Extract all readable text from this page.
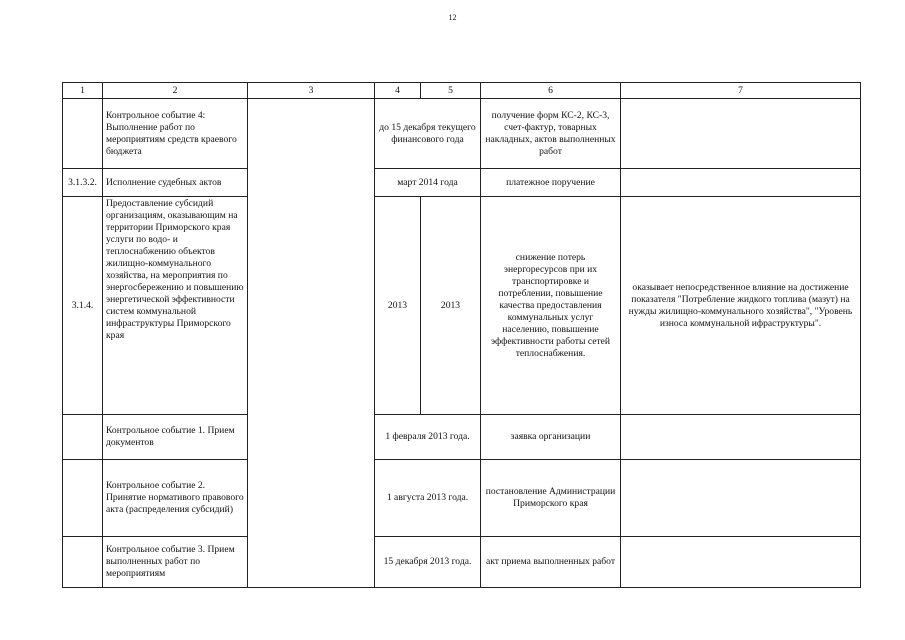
12
1	2	3	4	5	6	7
	Контрольное событие 4: Выполнение работ по мероприятиям средств краевого бюджета		до 15 декабря текущего финансового года		получение форм КС-2, КС-3, счет-фактур, товарных накладных, актов выполненных работ	
3.1.3.2.	Исполнение судебных актов		март 2014 года		платежное поручение	
3.1.4.	Предоставление субсидий организациям, оказывающим на территории Приморского края услуги по водо- и теплоснабжению объектов жилищно-коммунального хозяйства, на мероприятия по энергосбережению и повышению энергетической эффективности систем коммунальной инфраструктуры Приморского края		2013	2013	снижение потерь энергоресурсов при их транспортировке и потреблении, повышение качества предоставления коммунальных услуг населению, повышение эффективности работы сетей теплоснабжения.	оказывает непосредственное влияние на достижение показателя "Потребление жидкого топлива (мазут) на нужды жилищно-коммунального хозяйства", "Уровень износа коммунальной ифраструктуры".
	Контрольное событие 1. Прием документов		1 февраля 2013 года.		заявка организации	
	Контрольное событие 2. Принятие нормативого правового акта (распределения субсидий)		1 августа 2013 года.		постановление Администрации Приморского края	
	Контрольное событие 3. Прием выполненных работ по мероприятиям		15 декабря 2013 года.		акт приема выполненных работ	
